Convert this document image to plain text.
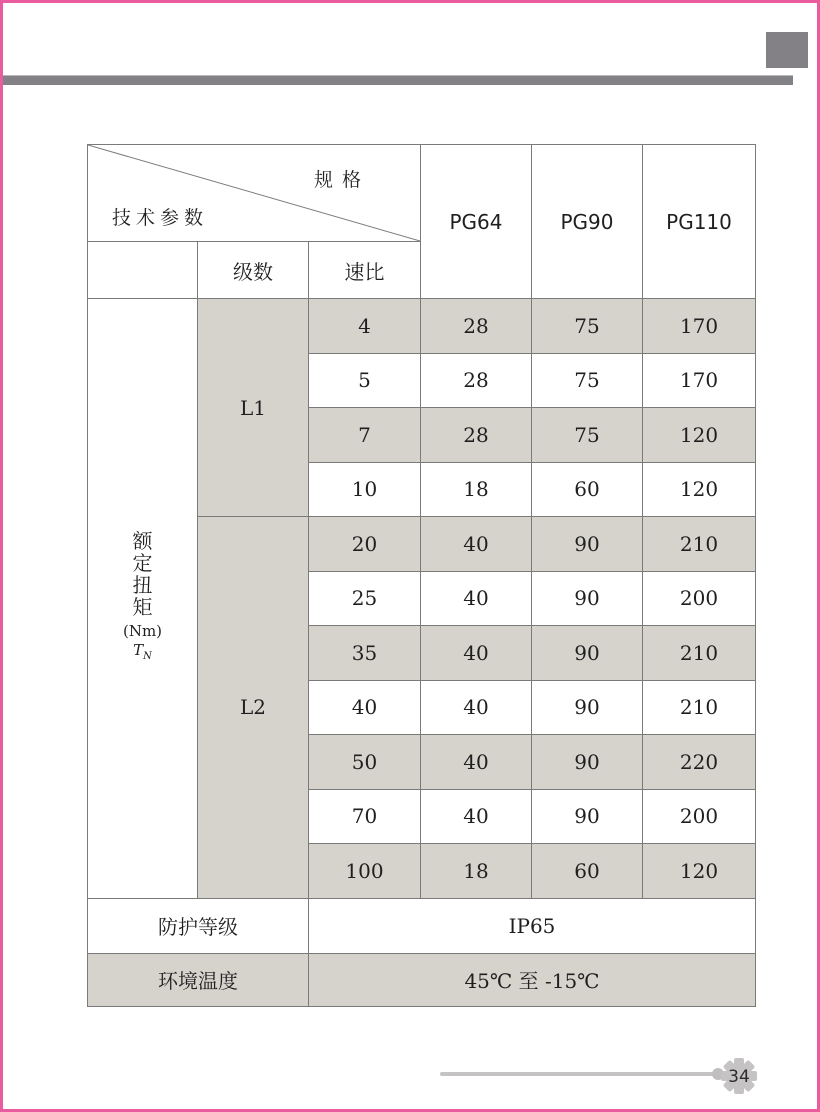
规格
技术参数			PG64	PG90	PG110
	级数	速比			

额
定
扭
矩
(Nm)
$T_N$
	L1	4	28	75	170
		5	28	75	170
		7	28	75	120
		10	18	60	120
	L2	20	40	90	210
		25	40	90	200
		35	40	90	210
		40	40	90	210
		50	40	90	220
		70	40	90	200
		100	18	60	120
防护等级		IP65			
环境温度		45℃ 至 -15℃			
34
